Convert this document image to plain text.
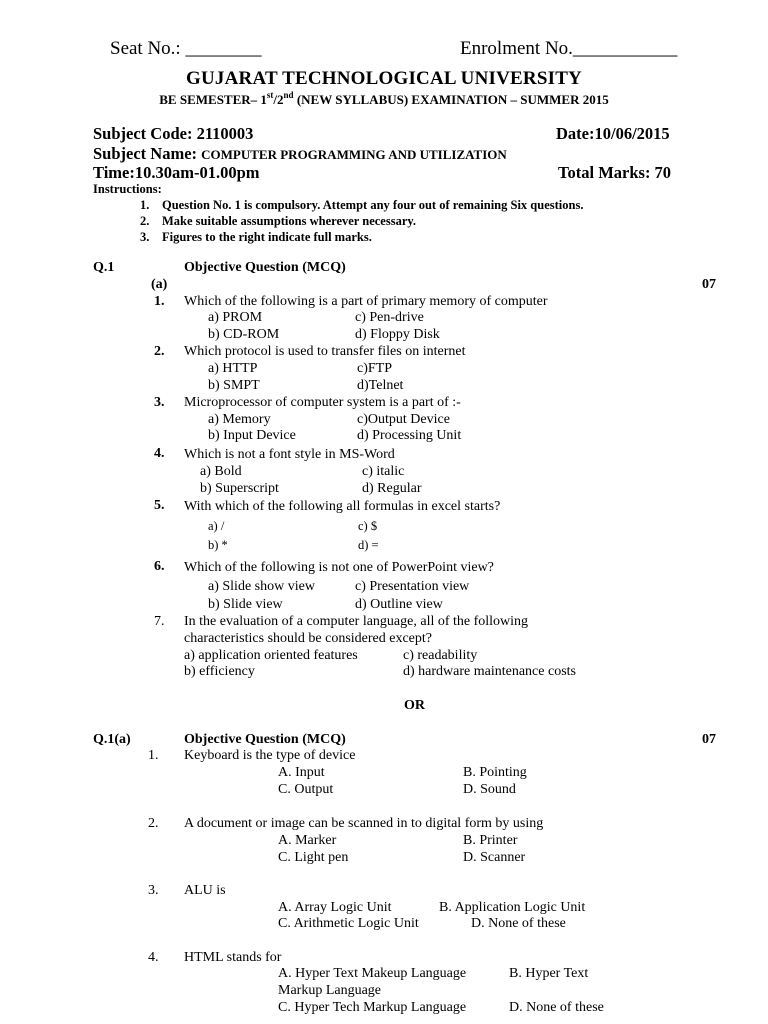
Seat No.: ________	Enrolment No.___________
GUJARAT TECHNOLOGICAL UNIVERSITY
BE SEMESTER– 1st/2nd (NEW SYLLABUS) EXAMINATION – SUMMER 2015
Subject Code: 2110003	Date:10/06/2015
Subject Name: COMPUTER PROGRAMMING AND UTILIZATION
Time:10.30am-01.00pm	Total Marks: 70
Instructions:
1. Question No. 1 is compulsory. Attempt any four out of remaining Six questions.
2. Make suitable assumptions wherever necessary.
3. Figures to the right indicate full marks.
Q.1	Objective Question (MCQ)
(a)	07
1. Which of the following is a part of primary memory of computer
a) PROM	c) Pen-drive
b) CD-ROM	d) Floppy Disk
2. Which protocol is used to transfer files on internet
a) HTTP	c)FTP
b) SMPT	d)Telnet
3. Microprocessor of computer system is a part of :-
a) Memory	c)Output Device
b) Input Device	d) Processing Unit
4. Which is not a font style in MS-Word
a) Bold	c) italic
b) Superscript	d) Regular
5. With which of the following all formulas in excel starts?
a) /	c) $
b) *	d) =
6. Which of the following is not one of PowerPoint view?
a) Slide show view	c) Presentation view
b) Slide view	d) Outline view
7. In the evaluation of a computer language, all of the following
characteristics should be considered except?
a) application oriented features	c) readability
b) efficiency	d) hardware maintenance costs
OR
Q.1(a)	Objective Question (MCQ)	07
1. Keyboard is the type of device
A. Input	B. Pointing
C. Output	D. Sound
2. A document or image can be scanned in to digital form by using
A. Marker	B. Printer
C. Light pen	D. Scanner
3. ALU is
A. Array Logic Unit	B. Application Logic Unit
C. Arithmetic Logic Unit	D. None of these
4. HTML stands for
A. Hyper Text Makeup Language	B. Hyper Text
Markup Language
C. Hyper Tech Markup Language	D. None of these
